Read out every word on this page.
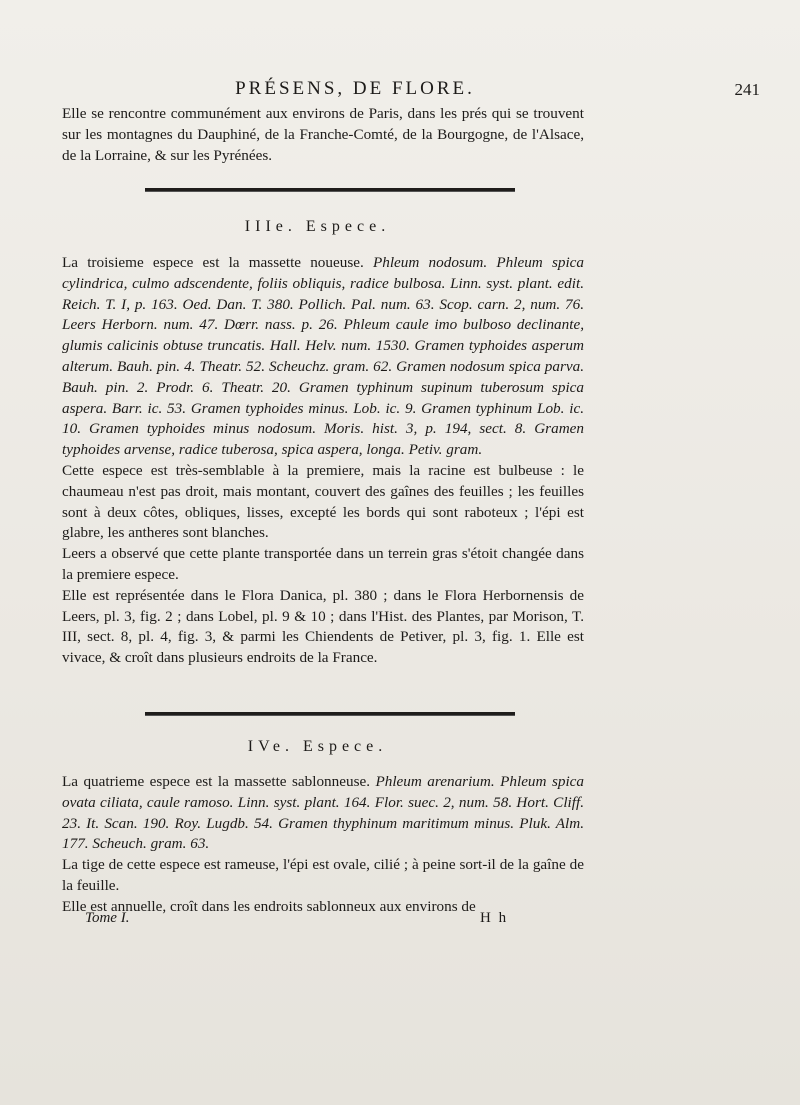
PRÉSENS, DE FLORE.	241

Elle se rencontre communément aux environs de Paris, dans les prés qui se trouvent sur les montagnes du Dauphiné, de la Franche-Comté, de la Bourgogne, de l'Alsace, de la Lorraine, & sur les Pyrénées.

IIIe. Espece.

La troisieme espece est la massette noueuse. Phleum nodosum. Phleum spica cylindrica, culmo adscendente, foliis obliquis, radice bulbosa. Linn. syst. plant. edit. Reich. T. I, p. 163. Oed. Dan. T. 380. Pollich. Pal. num. 63. Scop. carn. 2, num. 76. Leers Herborn. num. 47. Dœrr. nass. p. 26. Phleum caule imo bulboso declinante, glumis calicinis obtuse truncatis. Hall. Helv. num. 1530. Gramen typhoides asperum alterum. Bauh. pin. 4. Theatr. 52. Scheuchz. gram. 62. Gramen nodosum spica parva. Bauh. pin. 2. Prodr. 6. Theatr. 20. Gramen typhinum supinum tuberosum spica aspera. Barr. ic. 53. Gramen typhoides minus. Lob. ic. 9. Gramen typhinum Lob. ic. 10. Gramen typhoides minus nodosum. Moris. hist. 3, p. 194, sect. 8. Gramen typhoides arvense, radice tuberosa, spica aspera, longa. Petiv. gram.

Cette espece est très-semblable à la premiere, mais la racine est bulbeuse : le chaumeau n'est pas droit, mais montant, couvert des gaînes des feuilles ; les feuilles sont à deux côtes, obliques, lisses, excepté les bords qui sont raboteux ; l'épi est glabre, les antheres sont blanches.

Leers a observé que cette plante transportée dans un terrein gras s'étoit changée dans la premiere espece.

Elle est représentée dans le Flora Danica, pl. 380 ; dans le Flora Herbornensis de Leers, pl. 3, fig. 2 ; dans Lobel, pl. 9 & 10 ; dans l'Hist. des Plantes, par Morison, T. III, sect. 8, pl. 4, fig. 3, & parmi les Chiendents de Petiver, pl. 3, fig. 1. Elle est vivace, & croît dans plusieurs endroits de la France.

IVe. Espece.

La quatrieme espece est la massette sablonneuse. Phleum arenarium. Phleum spica ovata ciliata, caule ramoso. Linn. syst. plant. 164. Flor. suec. 2, num. 58. Hort. Cliff. 23. It. Scan. 190. Roy. Lugdb. 54. Gramen thyphinum maritimum minus. Pluk. Alm. 177. Scheuch. gram. 63.

La tige de cette espece est rameuse, l'épi est ovale, cilié ; à peine sort-il de la gaîne de la feuille.

Elle est annuelle, croît dans les endroits sablonneux aux environs de

Tome I.	H h
